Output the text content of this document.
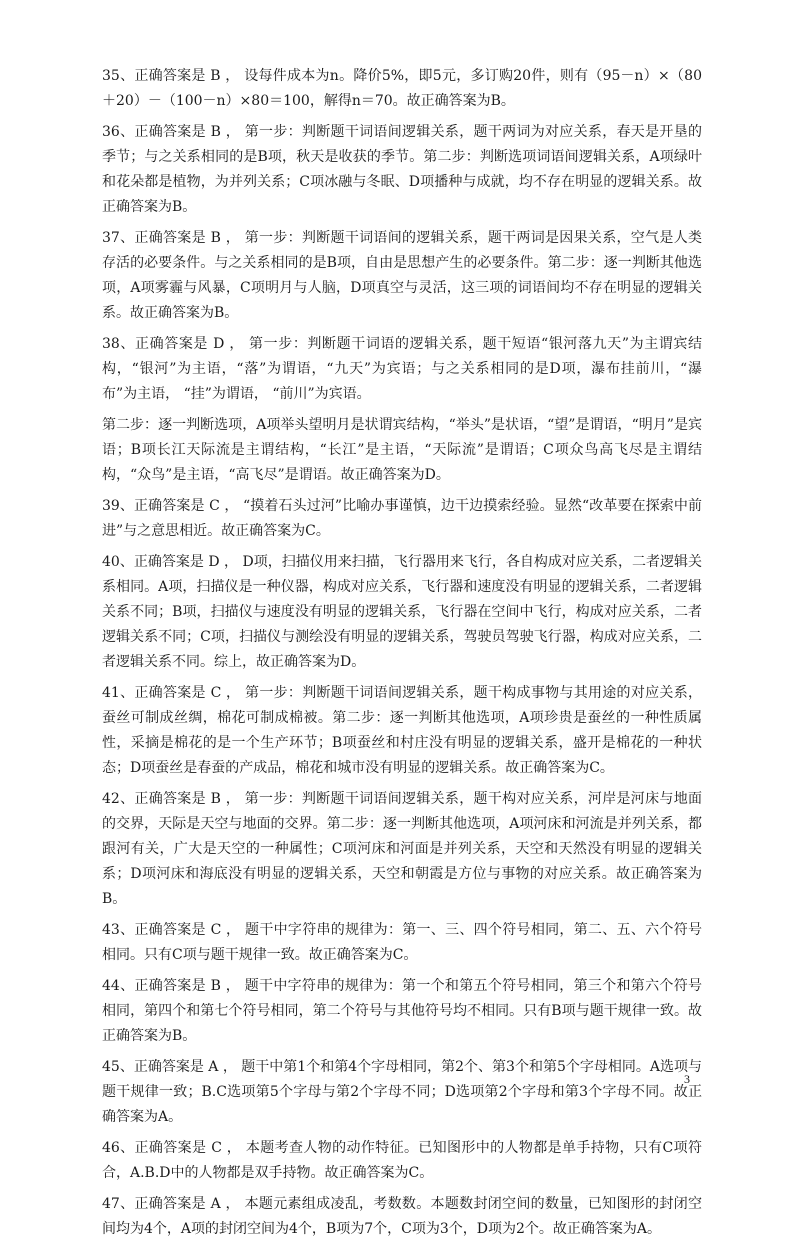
35、正确答案是 B ， 设每件成本为n。降价5%，即5元，多订购20件，则有（95－n）×（80＋20）－（100－n）×80＝100，解得n＝70。故正确答案为B。

36、正确答案是 B ， 第一步：判断题干词语间逻辑关系，题干两词为对应关系，春天是开垦的季节；与之关系相同的是B项，秋天是收获的季节。第二步：判断选项词语间逻辑关系，A项绿叶和花朵都是植物，为并列关系；C项冰融与冬眠、D项播种与成就，均不存在明显的逻辑关系。故正确答案为B。

37、正确答案是 B ， 第一步：判断题干词语间的逻辑关系，题干两词是因果关系，空气是人类存活的必要条件。与之关系相同的是B项，自由是思想产生的必要条件。第二步：逐一判断其他选项，A项雾霾与风暴，C项明月与人脑，D项真空与灵活，这三项的词语间均不存在明显的逻辑关系。故正确答案为B。

38、正确答案是 D ， 第一步：判断题干词语的逻辑关系，题干短语“银河落九天”为主谓宾结构，“银河”为主语，“落”为谓语，“九天”为宾语；与之关系相同的是D项，瀑布挂前川，“瀑布”为主语， “挂”为谓语， “前川”为宾语。

第二步：逐一判断选项，A项举头望明月是状谓宾结构，“举头”是状语，“望”是谓语，“明月”是宾语；B项长江天际流是主谓结构，“长江”是主语，“天际流”是谓语；C项众鸟高飞尽是主谓结构，“众鸟”是主语，“高飞尽”是谓语。故正确答案为D。

39、正确答案是 C ， “摸着石头过河”比喻办事谨慎，边干边摸索经验。显然“改革要在探索中前进”与之意思相近。故正确答案为C。

40、正确答案是 D ， D项，扫描仪用来扫描，飞行器用来飞行，各自构成对应关系，二者逻辑关系相同。A项，扫描仪是一种仪器，构成对应关系，飞行器和速度没有明显的逻辑关系，二者逻辑关系不同；B项，扫描仪与速度没有明显的逻辑关系，飞行器在空间中飞行，构成对应关系，二者逻辑关系不同；C项，扫描仪与测绘没有明显的逻辑关系，驾驶员驾驶飞行器，构成对应关系，二者逻辑关系不同。综上，故正确答案为D。

41、正确答案是 C ， 第一步：判断题干词语间逻辑关系，题干构成事物与其用途的对应关系，蚕丝可制成丝绸，棉花可制成棉被。第二步：逐一判断其他选项，A项珍贵是蚕丝的一种性质属性，采摘是棉花的是一个生产环节；B项蚕丝和村庄没有明显的逻辑关系，盛开是棉花的一种状态；D项蚕丝是春蚕的产成品，棉花和城市没有明显的逻辑关系。故正确答案为C。

42、正确答案是 B ， 第一步：判断题干词语间逻辑关系，题干构对应关系，河岸是河床与地面的交界，天际是天空与地面的交界。第二步：逐一判断其他选项，A项河床和河流是并列关系，都跟河有关，广大是天空的一种属性；C项河床和河面是并列关系，天空和天然没有明显的逻辑关系；D项河床和海底没有明显的逻辑关系，天空和朝霞是方位与事物的对应关系。故正确答案为B。

43、正确答案是 C ， 题干中字符串的规律为：第一、三、四个符号相同，第二、五、六个符号相同。只有C项与题干规律一致。故正确答案为C。

44、正确答案是 B ， 题干中字符串的规律为：第一个和第五个符号相同，第三个和第六个符号相同，第四个和第七个符号相同，第二个符号与其他符号均不相同。只有B项与题干规律一致。故正确答案为B。

45、正确答案是 A ， 题干中第1个和第4个字母相同，第2个、第3个和第5个字母相同。A选项与题干规律一致；B.C选项第5个字母与第2个字母不同；D选项第2个字母和第3个字母不同。故正确答案为A。

46、正确答案是 C ， 本题考查人物的动作特征。已知图形中的人物都是单手持物，只有C项符合，A.B.D中的人物都是双手持物。故正确答案为C。

47、正确答案是 A ， 本题元素组成凌乱，考数数。本题数封闭空间的数量，已知图形的封闭空间均为4个，A项的封闭空间为4个，B项为7个，C项为3个，D项为2个。故正确答案为A。

3
